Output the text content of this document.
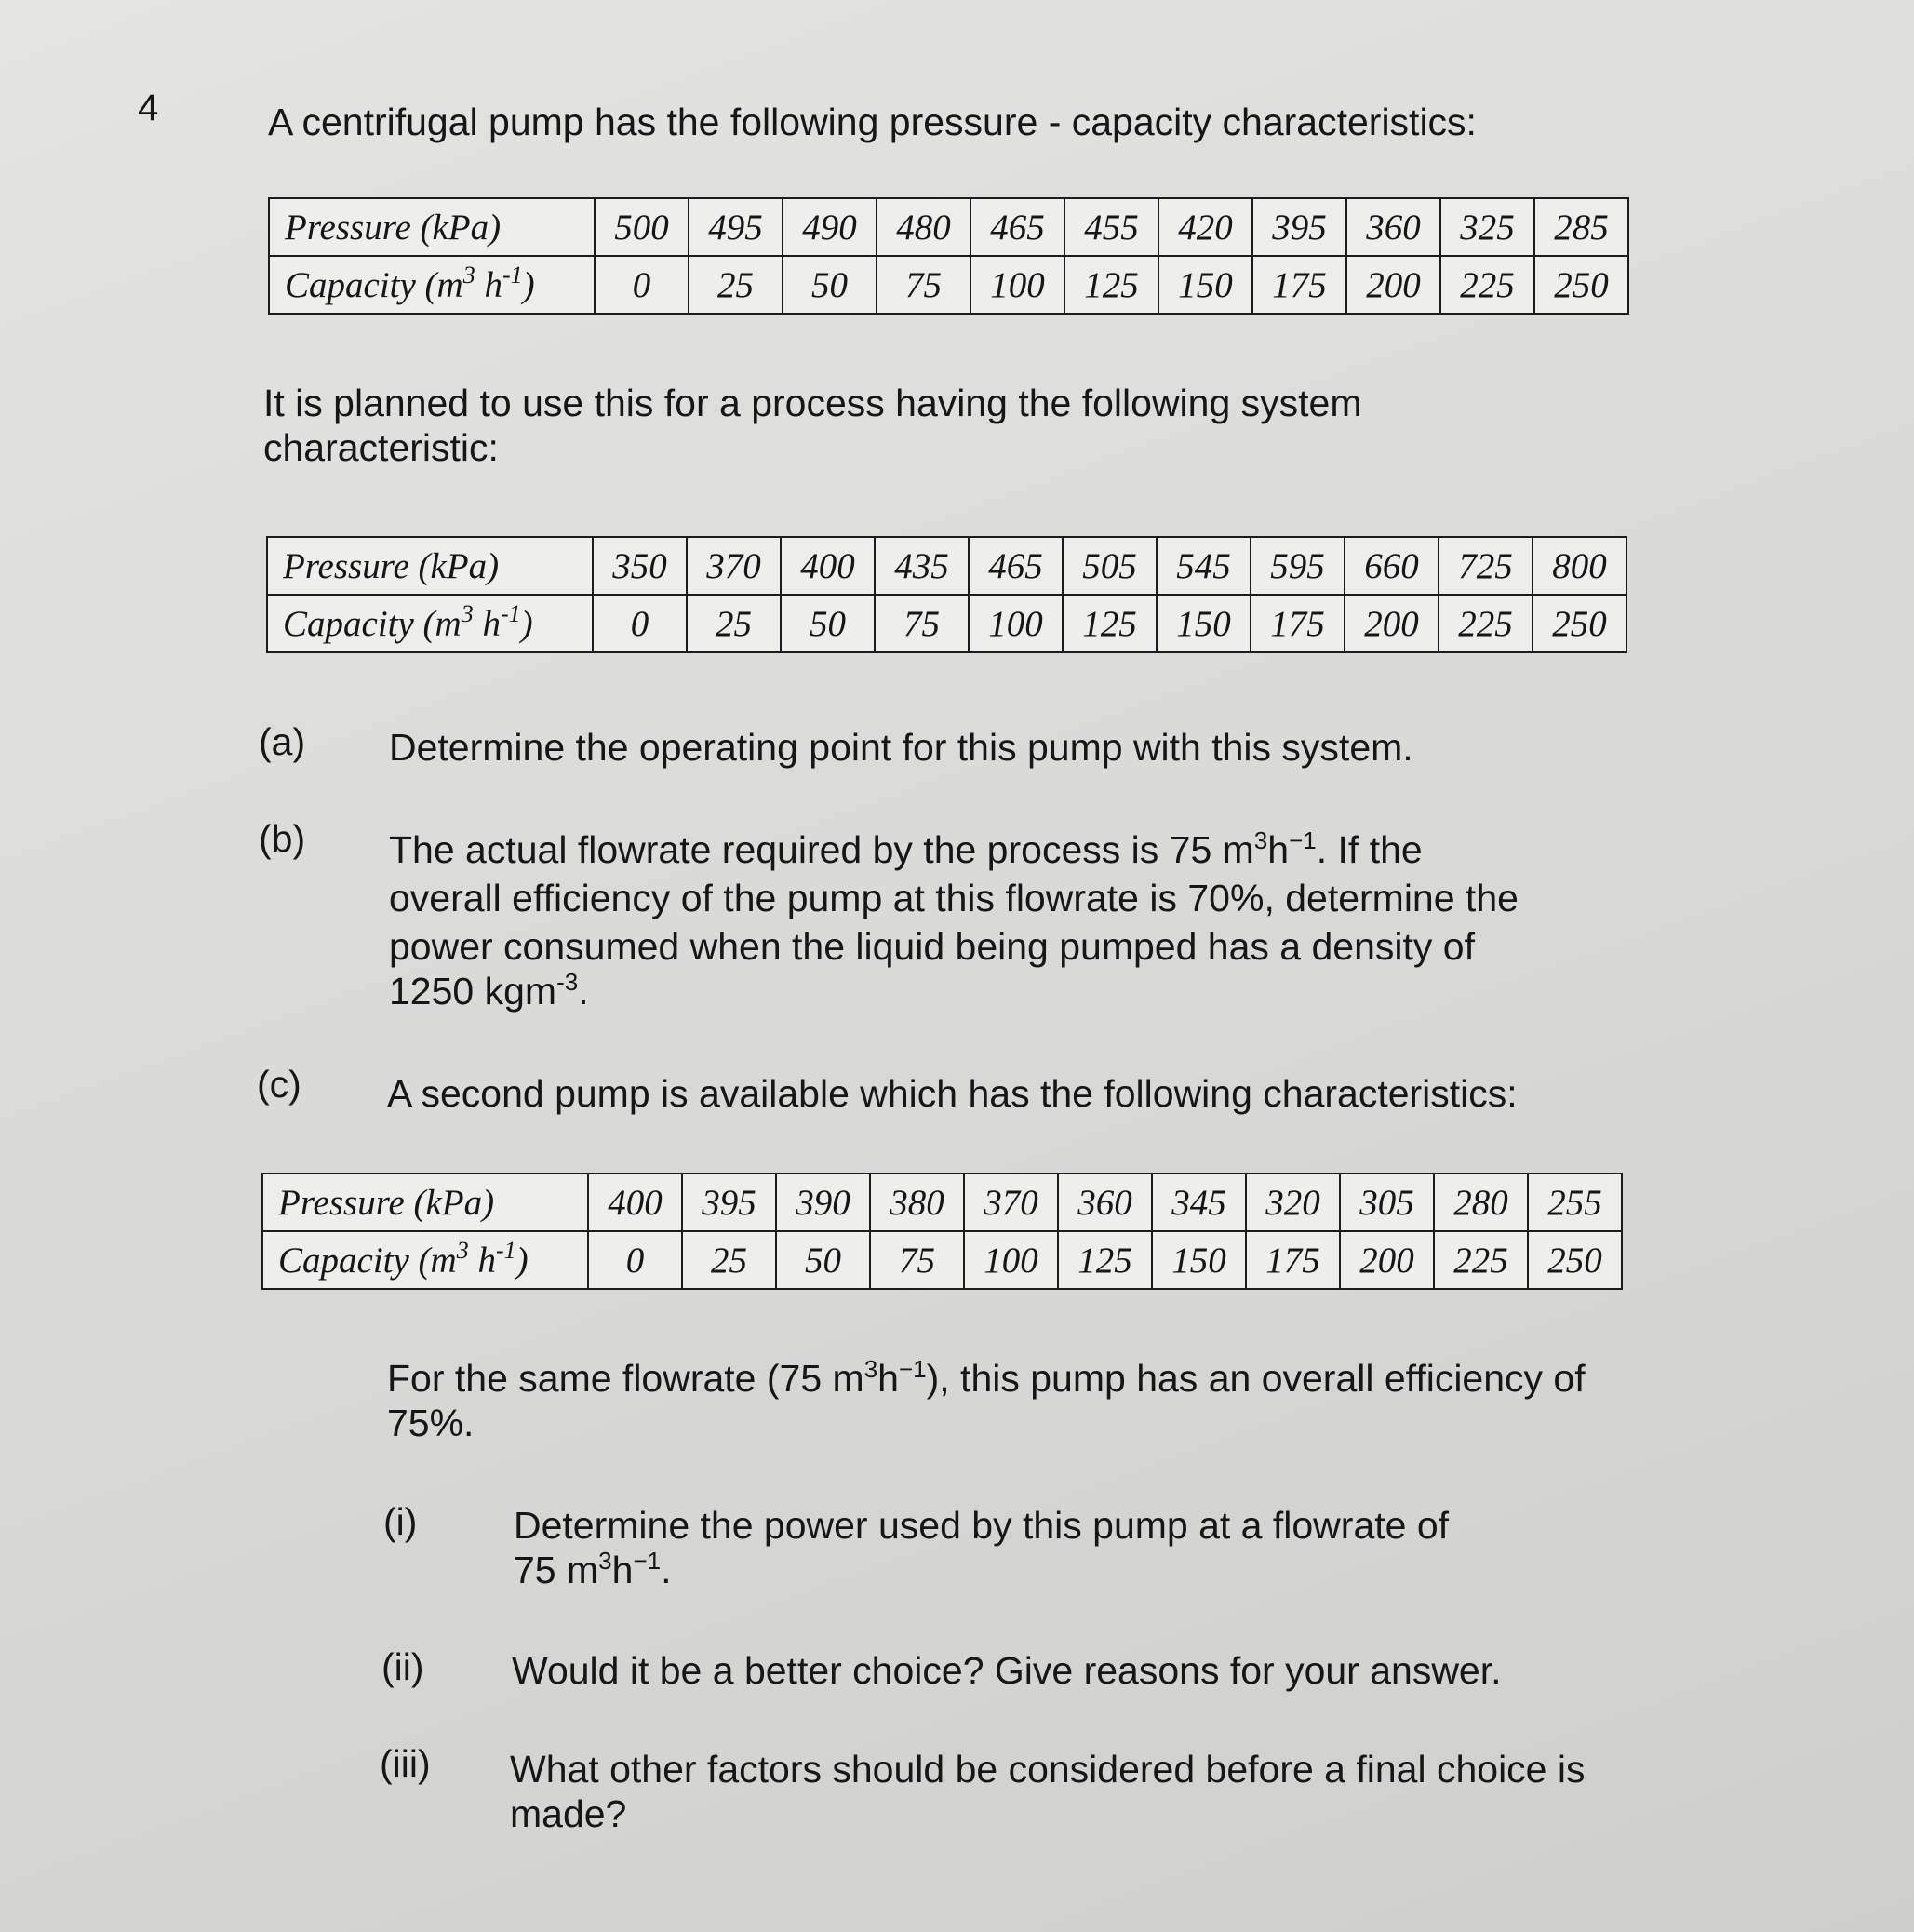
4	A centrifugal pump has the following pressure - capacity characteristics:
Pressure (kPa)	500	495	490	480	465	455	420	395	360	325	285
Capacity ($m^3$ $h^{-1}$)	0	25	50	75	100	125	150	175	200	225	250
It is planned to use this for a process having the following system
characteristic:
Pressure (kPa)	350	370	400	435	465	505	545	595	660	725	800
Capacity ($m^3$ $h^{-1}$)	0	25	50	75	100	125	150	175	200	225	250
(a) Determine the operating point for this pump with this system.
(b) The actual flowrate required by the process is 75 $m^3h^{-1}$. If the
overall efficiency of the pump at this flowrate is 70%, determine the
power consumed when the liquid being pumped has a density of
1250 kgm$^{-3}$.
(c) A second pump is available which has the following characteristics:
Pressure (kPa)	400	395	390	380	370	360	345	320	305	280	255
Capacity ($m^3$ $h^{-1}$)	0	25	50	75	100	125	150	175	200	225	250
For the same flowrate (75 $m^3h^{-1}$), this pump has an overall efficiency of
75%.
(i)	Determine the power used by this pump at a flowrate of
75 $m^3h^{-1}$.
(ii) Would it be a better choice? Give reasons for your answer.
(iii) What other factors should be considered before a final choice is
made?
